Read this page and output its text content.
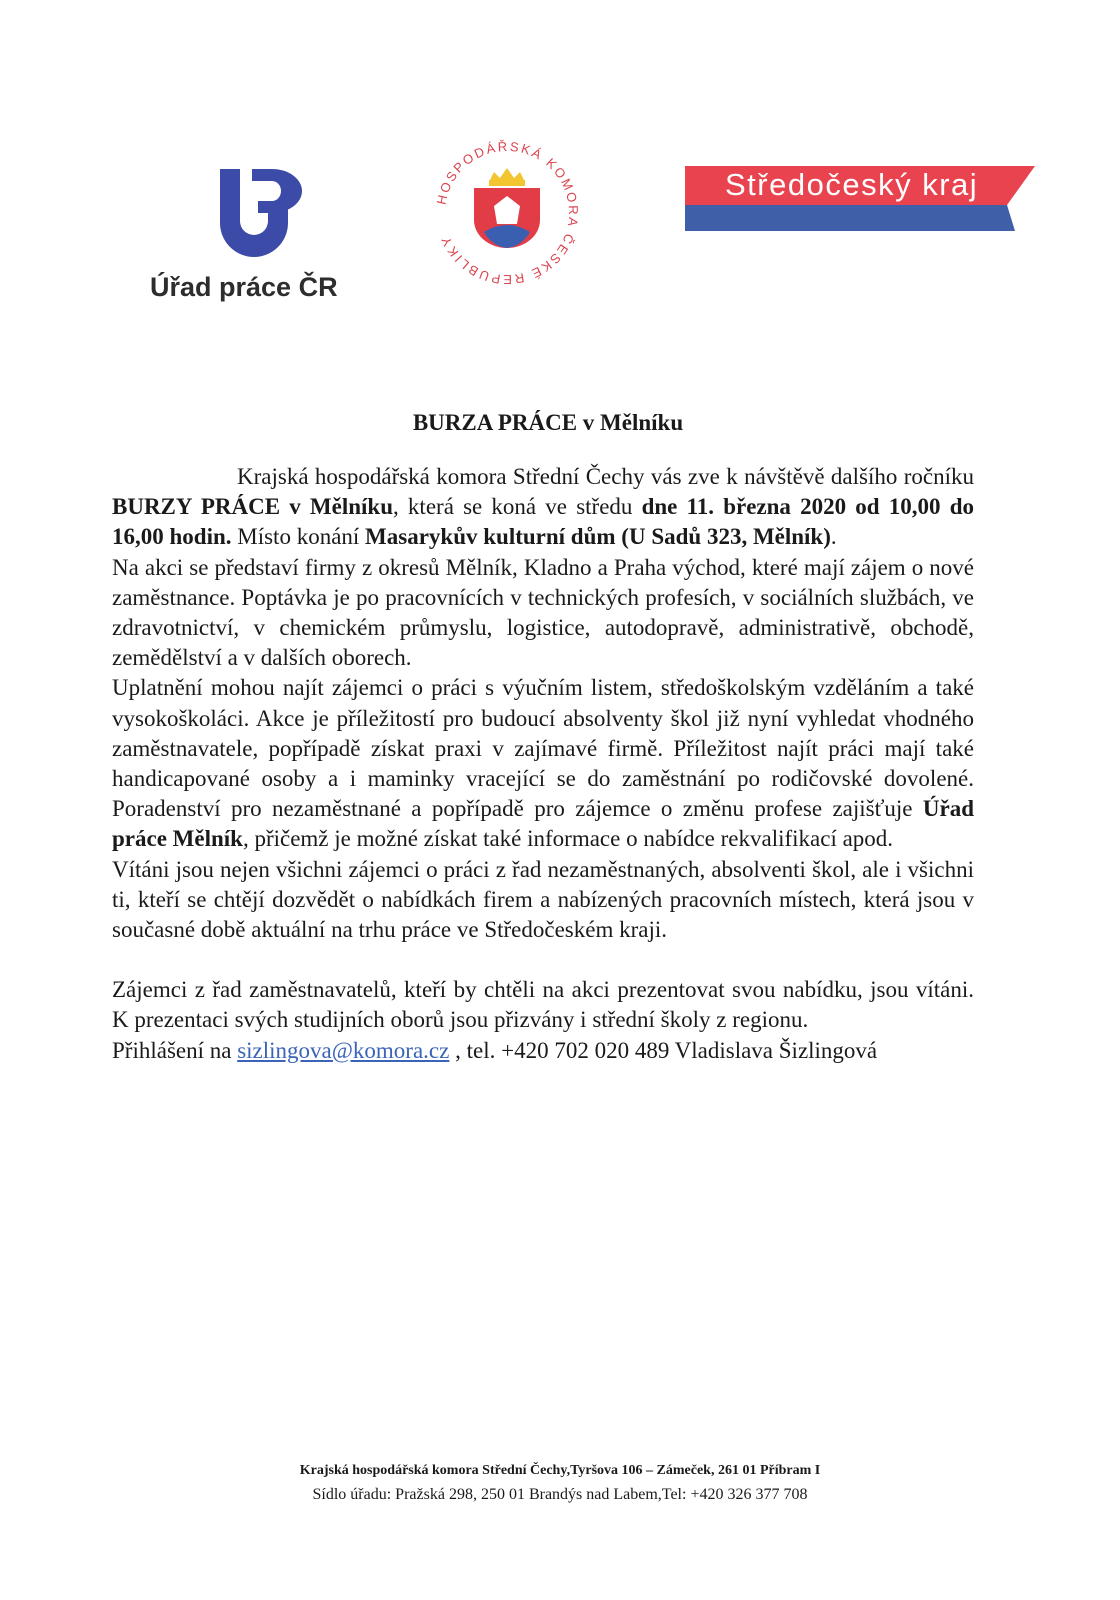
Úřad práce ČR
HOSPODÁŘSKÁ KOMORA ČESKÉ REPUBLIKY
Středočeský kraj
BURZA PRÁCE v Mělníku

Krajská hospodářská komora Střední Čechy vás zve k návštěvě dalšího ročníku BURZY PRÁCE v Mělníku, která se koná ve středu dne 11. března 2020 od 10,00 do 16,00 hodin. Místo konání Masarykův kulturní dům (U Sadů 323, Mělník).

Na akci se představí firmy z okresů Mělník, Kladno a Praha východ, které mají zájem o nové zaměstnance. Poptávka je po pracovnících v technických profesích, v sociálních službách, ve zdravotnictví, v chemickém průmyslu, logistice, autodopravě, administrativě, obchodě, zemědělství a v dalších oborech.

Uplatnění mohou najít zájemci o práci s výučním listem, středoškolským vzděláním a také vysokoškoláci. Akce je příležitostí pro budoucí absolventy škol již nyní vyhledat vhodného zaměstnavatele, popřípadě získat praxi v zajímavé firmě. Příležitost najít práci mají také handicapované osoby a i maminky vracející se do zaměstnání po rodičovské dovolené. Poradenství pro nezaměstnané a popřípadě pro zájemce o změnu profese zajišťuje Úřad práce Mělník, přičemž je možné získat také informace o nabídce rekvalifikací apod.

Vítáni jsou nejen všichni zájemci o práci z řad nezaměstnaných, absolventi škol, ale i všichni ti, kteří se chtějí dozvědět o nabídkách firem a nabízených pracovních místech, která jsou v současné době aktuální na trhu práce ve Středočeském kraji.

Zájemci z řad zaměstnavatelů, kteří by chtěli na akci prezentovat svou nabídku, jsou vítáni. K prezentaci svých studijních oborů jsou přizvány i střední školy z regionu.

Přihlášení na sizlingova@komora.cz , tel. +420 702 020 489 Vladislava Šizlingová

Krajská hospodářská komora Střední Čechy,Tyršova 106 – Zámeček, 261 01 Příbram I
Sídlo úřadu: Pražská 298, 250 01 Brandýs nad Labem,Tel: +420 326 377 708
